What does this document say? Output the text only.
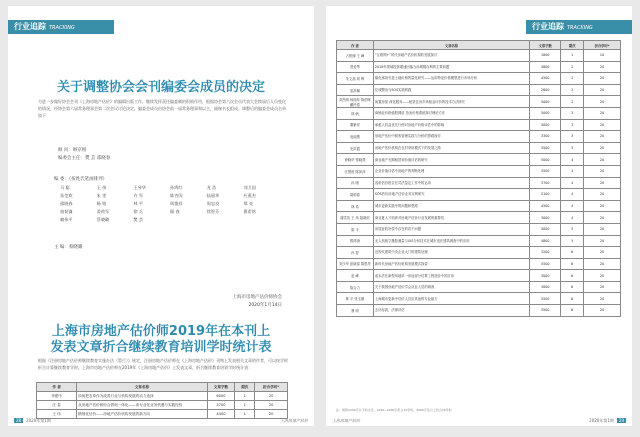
行业追踪 TRACKING
关于调整协会会刊编委会成员的决定
为进一步做好协会会刊《上海房地产估价》的编辑出版工作，继续发挥责任编委制的积极作用，根据协会第六次会员代表大会换届后人员变化的情况，经协会第六届常务理事会第二次会议讨论决定，编委会成员由协会前一届常务理事和以主，副秘书长组成。调整后的编委会成员名单如下：
顾 问：顾京根
编委会主任：樊 芸 邵晓春
编 委：（按姓氏笔画排列）
马 聪	王 伟	王琴华	孙鸣红	龙 浩	刘卫国
朱莹欢	朱 雯	许 军	陈杏国	陆丽华	应燕杰
邵晓春	杨 铭	林 平	周俊祥	周忠良	郑 亮
骆韧谦	姜荷军	徐 兵	顾 春	徐智芬	曹希铭
赖伟平	蔡晓璐	樊 芸
主 编：蔡晓璐
上海市房地产估价师协会
2020年1月14日
上海市房地产估价师2019年在本刊上
发表文章折合继续教育培训学时统计表
根据《注册房地产估价师继续教育实施办法（暂行）》规定，注册房地产估价师在《上海房地产估价》刊物上发表相关文章的作者，可以按学时折合计算继续教育学时。上海市房地产估价师在2019年《上海房地产估价》上发表文章，折合继续教育培训学时统计表：
作 者	文章名称	文章字数	期次	折合学时*
李建中	如何把农草作为改善行业与机构发展的动力选择	6000	1	20
汪 春	从房地产估价和综合咨询一体化——谈专业化业务机遇与实践经验	3700	1	20
王 伟	精细化估价——房地产估价机构发展的新方向	4400	1	20
28 2020年第1期	上海房地产估价
行业追踪 TRACKING
作 者	文章名称	文章字数	期次	折合学时*
占锐缠 王 峰	“互联网+”时代房地产估价机构的发展探讨	1800	1	10
曾爱琴	2018年领域投资增速回落当前城楼存利的主要问题	4800	2	20
朱文晶 刘 辉	缘化承担引进土地价格的量化研究——运用特征价格模型进行市场分析	4500	2	20
梁高佩	住城整治与SOS实践的践	2600	2	20
刘杰明 杨瑞年 陈依晖 戴玲春	闲置房屋 深化服务——租赁住房市场租金评价的技术方法研究	5000	2	20
林 帆	商铺业价格值股网质 拍卖价格系统探讨理论方法	5000	3	20
董紫祥	承租人权益优先行使对房地产价格评估中的影响	5000	3	20
庞丽慧	房地产估价中税收管理实践与分析的思路探讨	3300	3	20
史洪霞	房地产估价机构在农村采用模式下的发展之路	3500	3	20
徐晓华 银晓燕	商业地产长期租赁和价值评估的研究	5000	4	20
汪慧茵 陈萍萍	企业价值评估中房地产的判断处理	3500	4	20
孙 刚	浅析估价报告在司法鉴定工作中的运用	3700	4	20
胡明春	SOS估价房地产估价业务实例研究	5100	4	20
林 希	城市更新实践中的问题和思路	4500	4	20
潘雪英 王 玮 陆晓培	商业夏人才培养对房地产估价行业发展的重要性	3000	4	20
陈 平	房屋征收补偿中存在的若干问题	5000	5	20
银鸿涛	无人机航空摄影测量与GIS分析技术在城市违法建筑调查中的应用	4800	5	20
孙 智	近现代建筑中央企业大门的建筑处理	3200	6	20
刘少华 彭晓春 陈思华	新时代房地产估价机构发展模式探索	5500	6	20
赵 峰	成本法在新型用地单一用途部分估算工程造价中的应用	3000	6	20
陈合力	关于我国房地产估价学会从业人员的调查	3000	6	20
林 平 张玉镇	上海城市更新中估价人员应具备的专业能力	5500	6	20
曹 明	去伪存真，法律评估	3500	6	20
注：建筑1000字以下的文章，1000~2000字折合10学时，3000字及以上折合20学时
上海房地产估价	2020年第1期 29
